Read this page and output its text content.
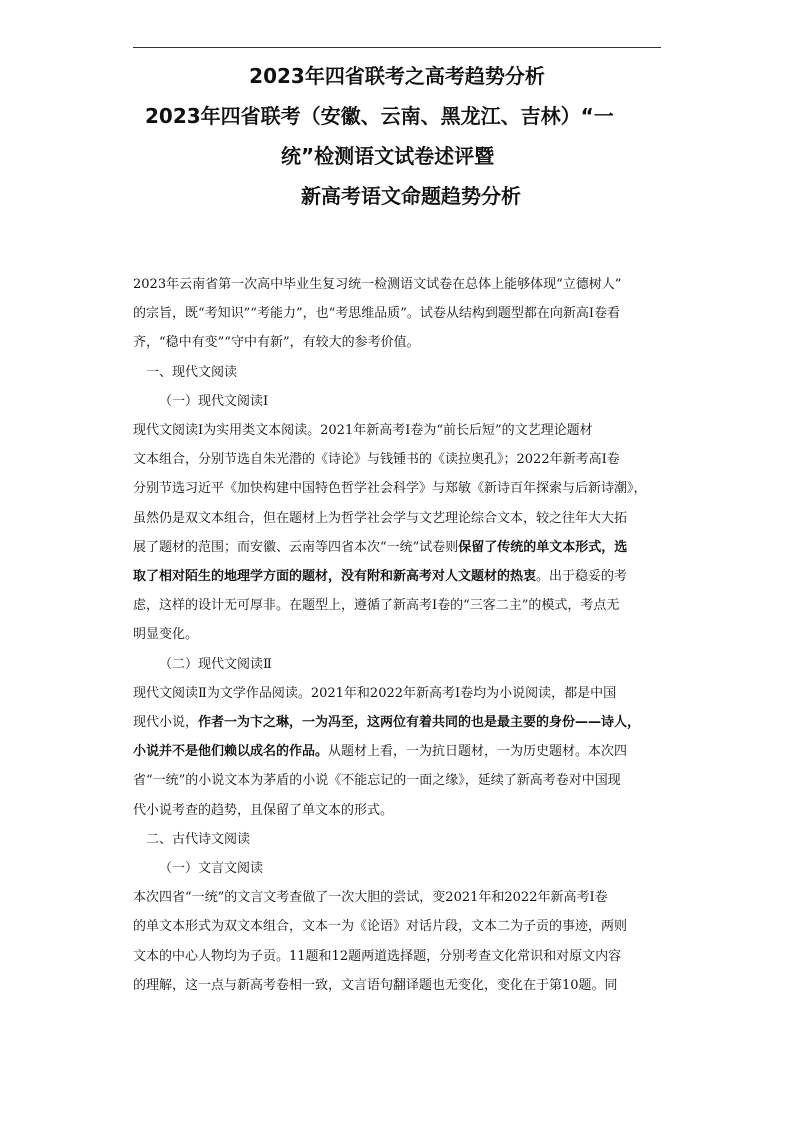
2023年四省联考之高考趋势分析
2023年四省联考（安徽、云南、黑龙江、吉林）“一
统”检测语文试卷述评暨
新高考语文命题趋势分析

2023年云南省第一次高中毕业生复习统一检测语文试卷在总体上能够体现“立德树人”

的宗旨，既“考知识”“考能力”，也“考思维品质”。试卷从结构到题型都在向新高Ⅰ卷看

齐，“稳中有变”“守中有新”，有较大的参考价值。

一、现代文阅读

（一）现代文阅读Ⅰ

现代文阅读Ⅰ为实用类文本阅读。2021年新高考Ⅰ卷为“前长后短”的文艺理论题材

文本组合，分别节选自朱光潜的《诗论》与钱锺书的《读拉奥孔》；2022年新考高Ⅰ卷

分别节选习近平《加快构建中国特色哲学社会科学》与郑敏《新诗百年探索与后新诗潮》，

虽然仍是双文本组合，但在题材上为哲学社会学与文艺理论综合文本，较之往年大大拓

展了题材的范围；而安徽、云南等四省本次“一统”试卷则保留了传统的单文本形式，选

取了相对陌生的地理学方面的题材，没有附和新高考对人文题材的热衷。出于稳妥的考

虑，这样的设计无可厚非。在题型上，遵循了新高考Ⅰ卷的“三客二主”的模式，考点无

明显变化。

（二）现代文阅读Ⅱ

现代文阅读Ⅱ为文学作品阅读。2021年和2022年新高考Ⅰ卷均为小说阅读，都是中国

现代小说，作者一为卞之琳，一为冯至，这两位有着共同的也是最主要的身份——诗人，

小说并不是他们赖以成名的作品。从题材上看，一为抗日题材，一为历史题材。本次四

省“一统”的小说文本为茅盾的小说《不能忘记的一面之缘》，延续了新高考卷对中国现

代小说考查的趋势，且保留了单文本的形式。

二、古代诗文阅读

（一）文言文阅读

本次四省“一统”的文言文考查做了一次大胆的尝试，变2021年和2022年新高考Ⅰ卷

的单文本形式为双文本组合，文本一为《论语》对话片段，文本二为子贡的事迹，两则

文本的中心人物均为子贡。11题和12题两道选择题，分别考查文化常识和对原文内容

的理解，这一点与新高考卷相一致，文言语句翻译题也无变化，变化在于第10题。同
